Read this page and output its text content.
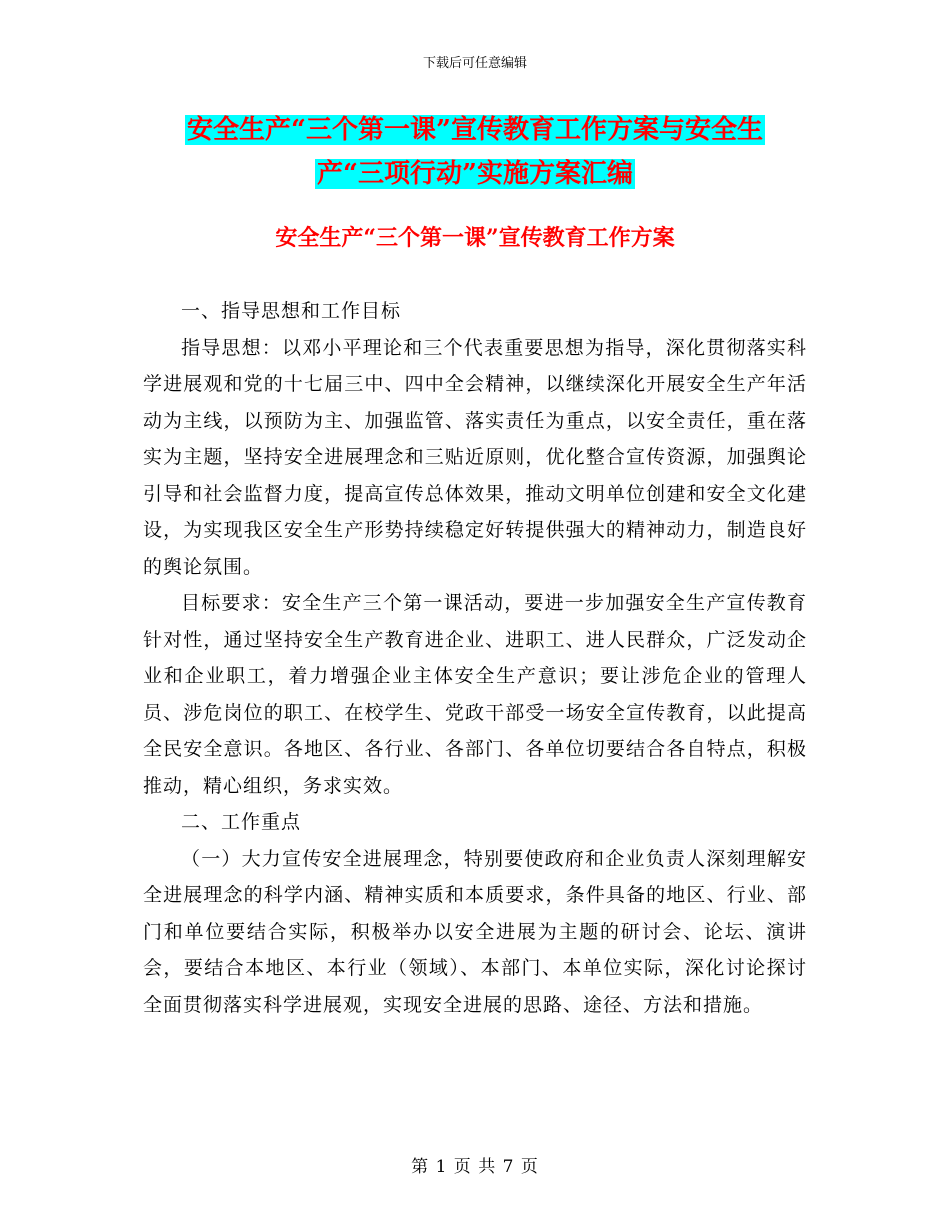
下载后可任意编辑
安全生产“三个第一课”宣传教育工作方案与安全生
产“三项行动”实施方案汇编
安全生产“三个第一课”宣传教育工作方案

一、指导思想和工作目标

指导思想：以邓小平理论和三个代表重要思想为指导，深化贯彻落实科学进展观和党的十七届三中、四中全会精神，以继续深化开展安全生产年活动为主线，以预防为主、加强监管、落实责任为重点，以安全责任，重在落实为主题，坚持安全进展理念和三贴近原则，优化整合宣传资源，加强舆论引导和社会监督力度，提高宣传总体效果，推动文明单位创建和安全文化建设，为实现我区安全生产形势持续稳定好转提供强大的精神动力，制造良好的舆论氛围。

目标要求：安全生产三个第一课活动，要进一步加强安全生产宣传教育针对性，通过坚持安全生产教育进企业、进职工、进人民群众，广泛发动企业和企业职工，着力增强企业主体安全生产意识；要让涉危企业的管理人员、涉危岗位的职工、在校学生、党政干部受一场安全宣传教育，以此提高全民安全意识。各地区、各行业、各部门、各单位切要结合各自特点，积极推动，精心组织，务求实效。

二、工作重点

（一）大力宣传安全进展理念，特别要使政府和企业负责人深刻理解安全进展理念的科学内涵、精神实质和本质要求，条件具备的地区、行业、部门和单位要结合实际，积极举办以安全进展为主题的研讨会、论坛、演讲会，要结合本地区、本行业（领域）、本部门、本单位实际，深化讨论探讨全面贯彻落实科学进展观，实现安全进展的思路、途径、方法和措施。

第 1 页 共 7 页
